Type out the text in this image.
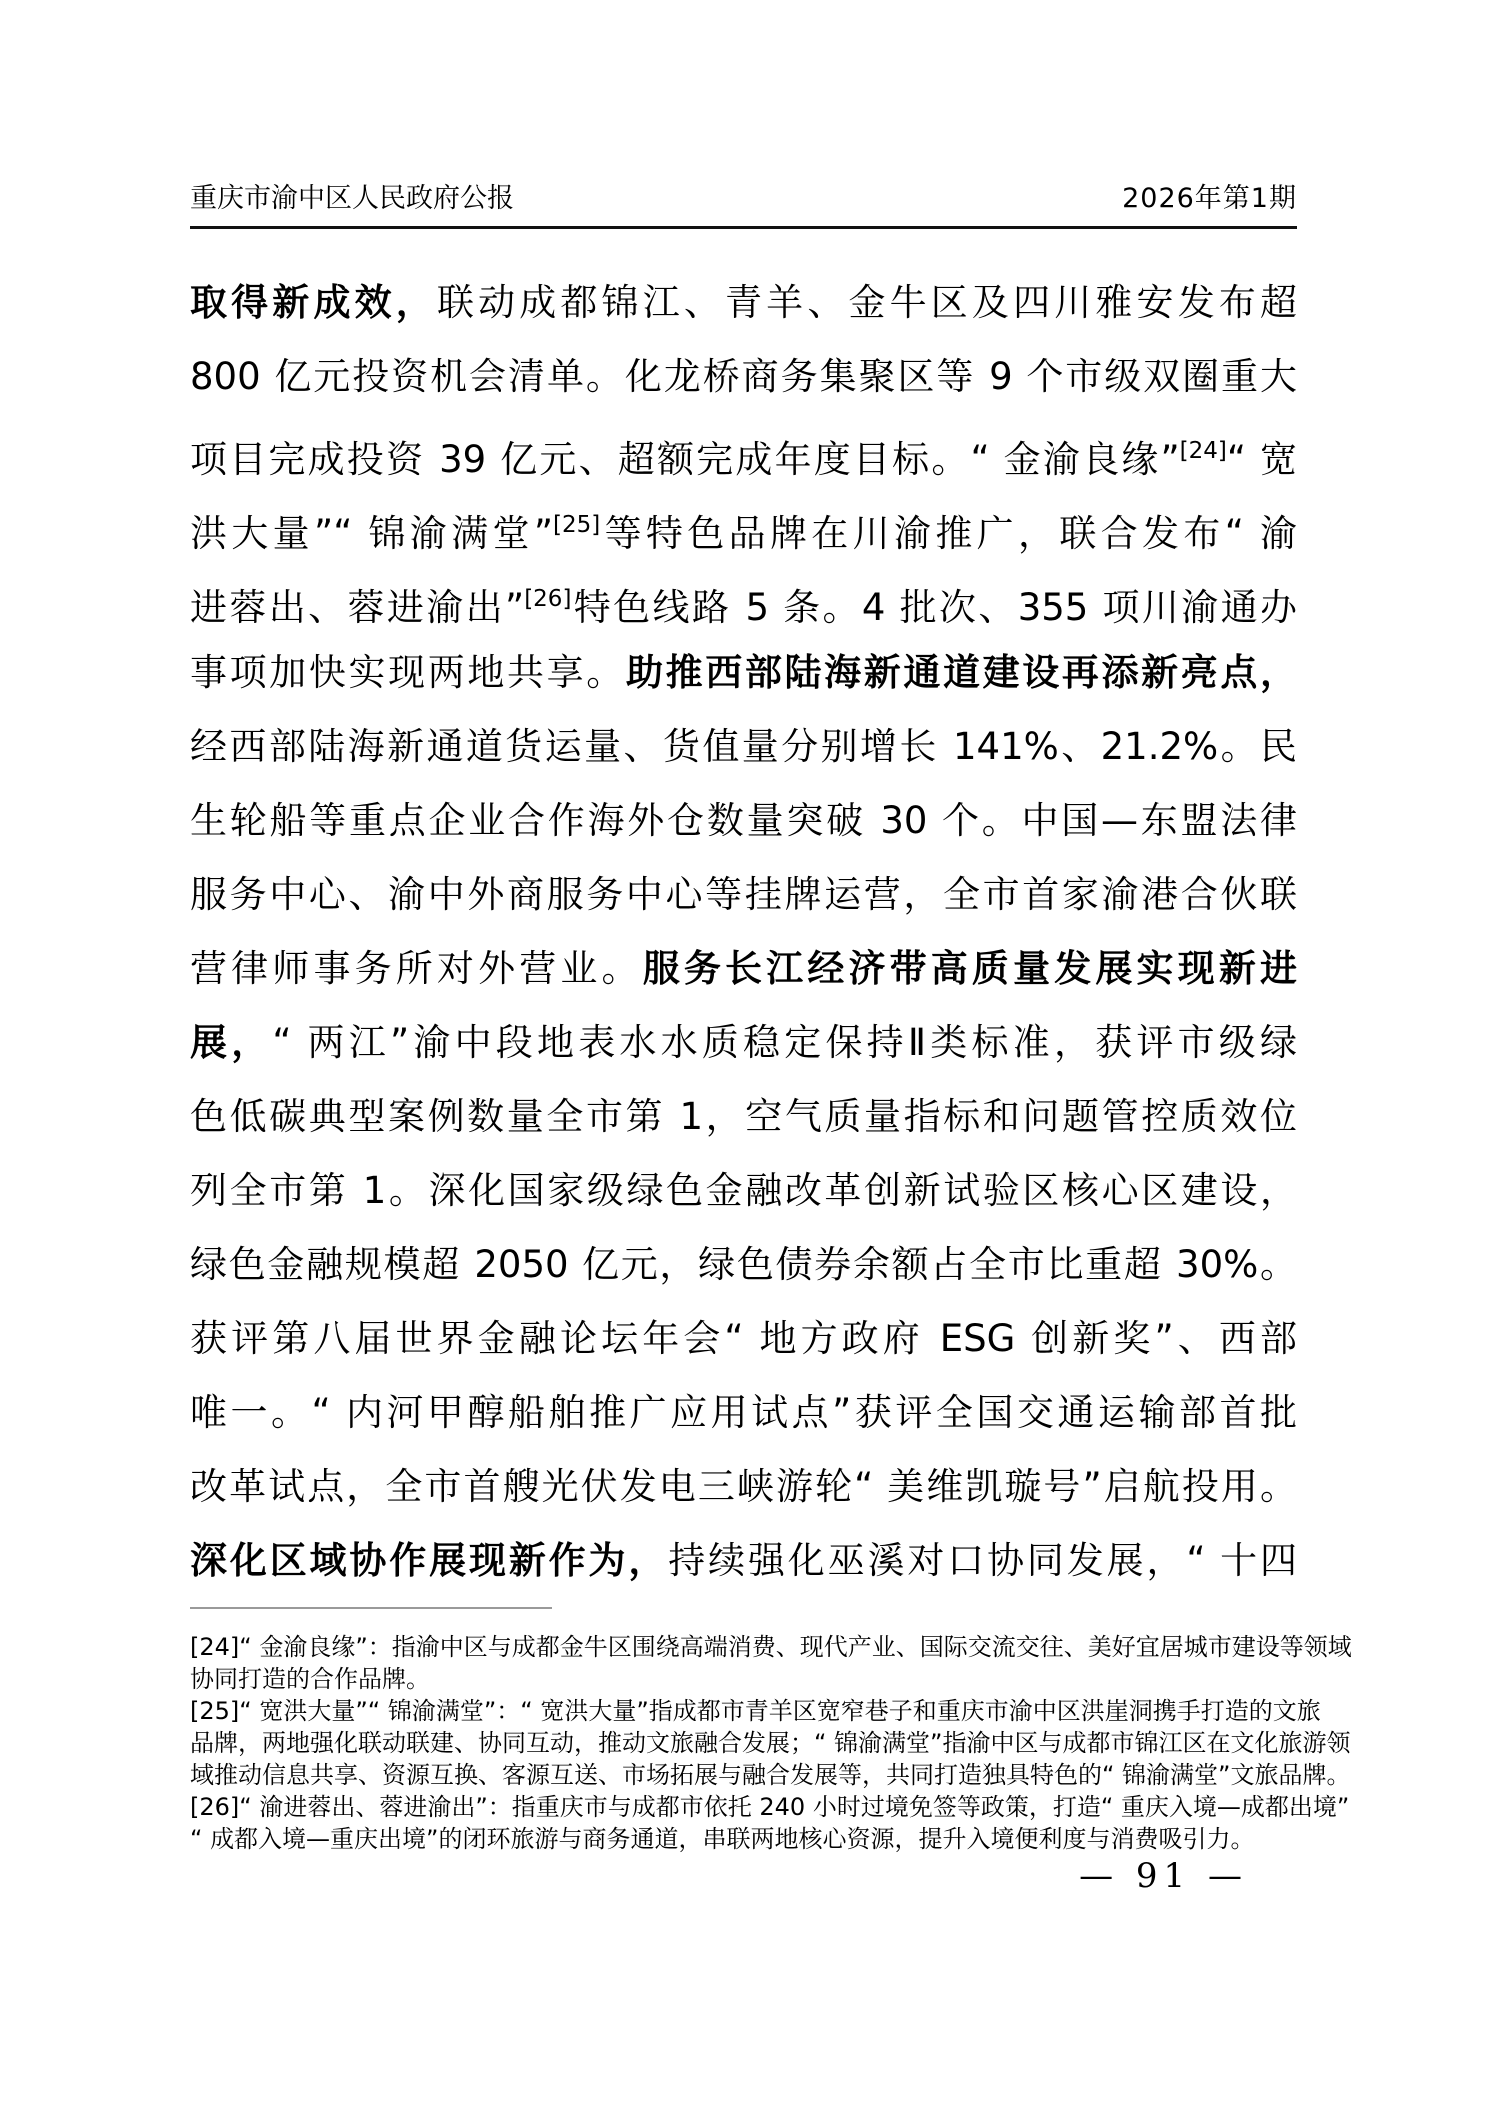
重庆市渝中区人民政府公报	2026年第1期
取得新成效，联动成都锦江、青羊、金牛区及四川雅安发布超
800 亿元投资机会清单。化龙桥商务集聚区等 9 个市级双圈重大
项目完成投资 39 亿元、超额完成年度目标。“ 金渝良缘”[24]“ 宽
洪大量”“ 锦渝满堂”[25]等特色品牌在川渝推广，联合发布“ 渝
进蓉出、蓉进渝出”[26]特色线路 5 条。4 批次、355 项川渝通办
事项加快实现两地共享。助推西部陆海新通道建设再添新亮点，
经西部陆海新通道货运量、货值量分别增长 141%、21.2%。民
生轮船等重点企业合作海外仓数量突破 30 个。中国—东盟法律
服务中心、渝中外商服务中心等挂牌运营，全市首家渝港合伙联
营律师事务所对外营业。服务长江经济带高质量发展实现新进
展，“ 两江”渝中段地表水水质稳定保持Ⅱ类标准，获评市级绿
色低碳典型案例数量全市第 1，空气质量指标和问题管控质效位
列全市第 1。深化国家级绿色金融改革创新试验区核心区建设，
绿色金融规模超 2050 亿元，绿色债券余额占全市比重超 30%。
获评第八届世界金融论坛年会“ 地方政府 ESG 创新奖”、西部
唯一。“ 内河甲醇船舶推广应用试点”获评全国交通运输部首批
改革试点，全市首艘光伏发电三峡游轮“ 美维凯璇号”启航投用。
深化区域协作展现新作为，持续强化巫溪对口协同发展，“ 十四
[24]“ 金渝良缘”：指渝中区与成都金牛区围绕高端消费、现代产业、国际交流交往、美好宜居城市建设等领域
协同打造的合作品牌。
[25]“ 宽洪大量”“ 锦渝满堂”：“ 宽洪大量”指成都市青羊区宽窄巷子和重庆市渝中区洪崖洞携手打造的文旅
品牌，两地强化联动联建、协同互动，推动文旅融合发展；“ 锦渝满堂”指渝中区与成都市锦江区在文化旅游领
域推动信息共享、资源互换、客源互送、市场拓展与融合发展等，共同打造独具特色的“ 锦渝满堂”文旅品牌。
[26]“ 渝进蓉出、蓉进渝出”：指重庆市与成都市依托 240 小时过境免签等政策，打造“ 重庆入境—成都出境”
“ 成都入境—重庆出境”的闭环旅游与商务通道，串联两地核心资源，提升入境便利度与消费吸引力。
— 91 —
